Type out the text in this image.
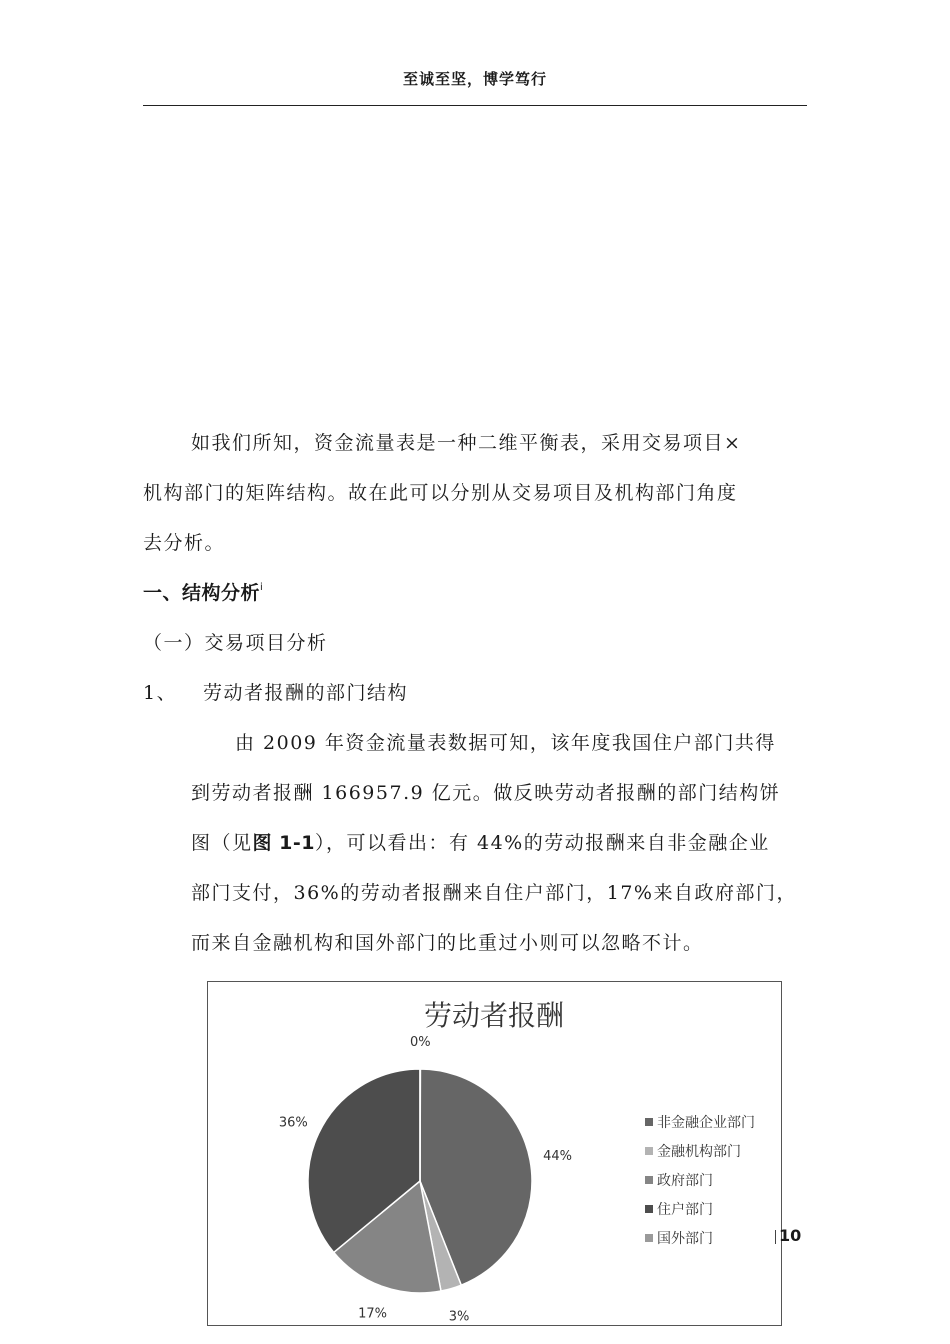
至诚至坚，博学笃行
如我们所知，资金流量表是一种二维平衡表，采用交易项目×
机构部门的矩阵结构。故在此可以分别从交易项目及机构部门角度
去分析。
一、结构分析$^i$
（一）交易项目分析
1、 劳动者报酬的部门结构
由 2009 年资金流量表数据可知，该年度我国住户部门共得
到劳动者报酬 166957.9 亿元。做反映劳动者报酬的部门结构饼
图（见图 1-1），可以看出：有 44%的劳动报酬来自非金融企业
部门支付，36%的劳动者报酬来自住户部门，17%来自政府部门，
而来自金融机构和国外部门的比重过小则可以忽略不计。
劳动者报酬
44%
3%
17%
36%
0%
非金融企业部门
金融机构部门
政府部门
住户部门
国外部门	10
